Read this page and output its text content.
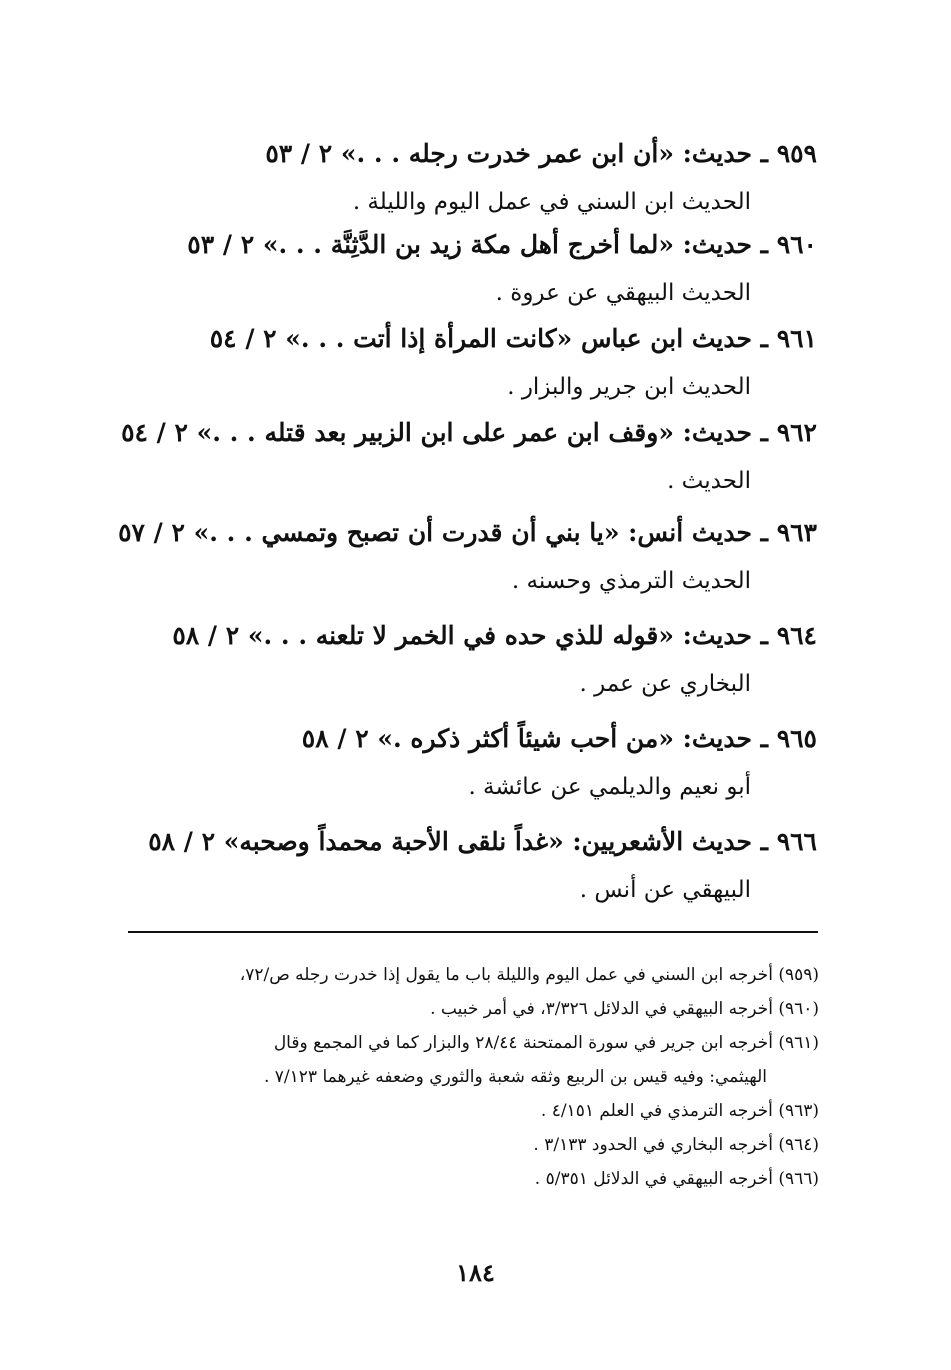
٩٥٩ ـ حديث: «أن ابن عمر خدرت رجله . . .» ٢ / ٥٣
الحديث ابن السني في عمل اليوم والليلة .
٩٦٠ ـ حديث: «لما أخرج أهل مكة زيد بن الدَّثِنَّة . . .» ٢ / ٥٣
الحديث البيهقي عن عروة .
٩٦١ ـ حديث ابن عباس «كانت المرأة إذا أتت . . .» ٢ / ٥٤
الحديث ابن جرير والبزار .
٩٦٢ ـ حديث: «وقف ابن عمر على ابن الزبير بعد قتله . . .» ٢ / ٥٤
الحديث .
٩٦٣ ـ حديث أنس: «يا بني أن قدرت أن تصبح وتمسي . . .» ٢ / ٥٧
الحديث الترمذي وحسنه .
٩٦٤ ـ حديث: «قوله للذي حده في الخمر لا تلعنه . . .» ٢ / ٥٨
البخاري عن عمر .
٩٦٥ ـ حديث: «من أحب شيئاً أكثر ذكره .» ٢ / ٥٨
أبو نعيم والديلمي عن عائشة .
٩٦٦ ـ حديث الأشعريين: «غداً نلقى الأحبة محمداً وصحبه» ٢ / ٥٨
البيهقي عن أنس .
(٩٥٩) أخرجه ابن السني في عمل اليوم والليلة باب ما يقول إذا خدرت رجله ص/٧٢،
(٩٦٠) أخرجه البيهقي في الدلائل ٣/٣٢٦، في أمر خبيب .
(٩٦١) أخرجه ابن جرير في سورة الممتحنة ٢٨/٤٤ والبزار كما في المجمع وقال
الهيثمي: وفيه قيس بن الربيع وثقه شعبة والثوري وضعفه غيرهما ٧/١٢٣ .
(٩٦٣) أخرجه الترمذي في العلم ٤/١٥١ .
(٩٦٤) أخرجه البخاري في الحدود ٣/١٣٣ .
(٩٦٦) أخرجه البيهقي في الدلائل ٥/٣٥١ .
١٨٤
